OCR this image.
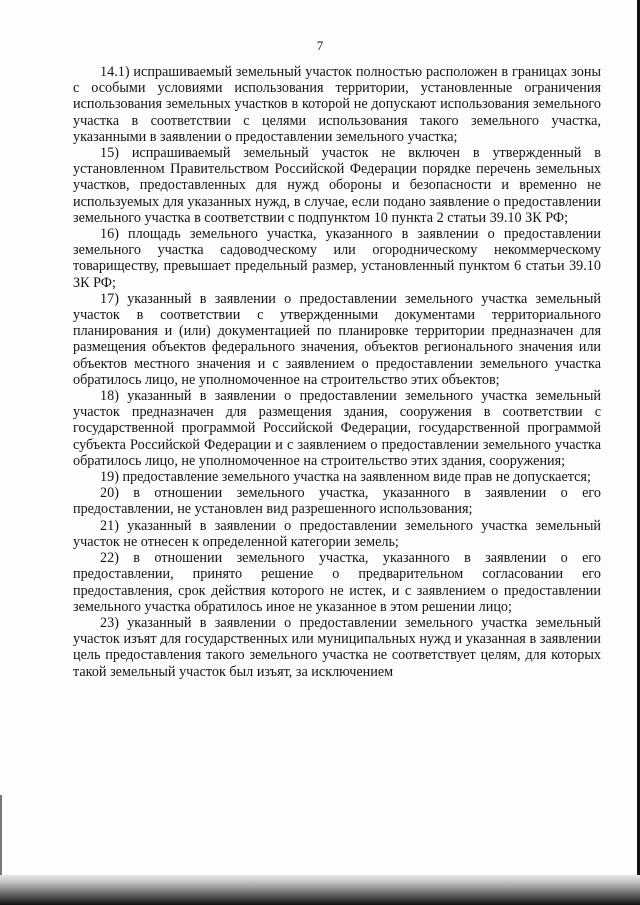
7

14.1) испрашиваемый земельный участок полностью расположен в границах зоны с особыми условиями использования территории, установленные ограничения использования земельных участков в которой не допускают использования земельного участка в соответствии с целями использования такого земельного участка, указанными в заявлении о предоставлении земельного участка;

15) испрашиваемый земельный участок не включен в утвержденный в установленном Правительством Российской Федерации порядке перечень земельных участков, предоставленных для нужд обороны и безопасности и временно не используемых для указанных нужд, в случае, если подано заявление о предоставлении земельного участка в соответствии с подпунктом 10 пункта 2 статьи 39.10 ЗК РФ;

16) площадь земельного участка, указанного в заявлении о предоставлении земельного участка садоводческому или огородническому некоммерческому товариществу, превышает предельный размер, установленный пунктом 6 статьи 39.10 ЗК РФ;

17) указанный в заявлении о предоставлении земельного участка земельный участок в соответствии с утвержденными документами территориального планирования и (или) документацией по планировке территории предназначен для размещения объектов федерального значения, объектов регионального значения или объектов местного значения и с заявлением о предоставлении земельного участка обратилось лицо, не уполномоченное на строительство этих объектов;

18) указанный в заявлении о предоставлении земельного участка земельный участок предназначен для размещения здания, сооружения в соответствии с государственной программой Российской Федерации, государственной программой субъекта Российской Федерации и с заявлением о предоставлении земельного участка обратилось лицо, не уполномоченное на строительство этих здания, сооружения;

19) предоставление земельного участка на заявленном виде прав не допускается;

20) в отношении земельного участка, указанного в заявлении о его предоставлении, не установлен вид разрешенного использования;

21) указанный в заявлении о предоставлении земельного участка земельный участок не отнесен к определенной категории земель;

22) в отношении земельного участка, указанного в заявлении о его предоставлении, принято решение о предварительном согласовании его предоставления, срок действия которого не истек, и с заявлением о предоставлении земельного участка обратилось иное не указанное в этом решении лицо;

23) указанный в заявлении о предоставлении земельного участка земельный участок изъят для государственных или муниципальных нужд и указанная в заявлении цель предоставления такого земельного участка не соответствует целям, для которых такой земельный участок был изъят, за исключением
